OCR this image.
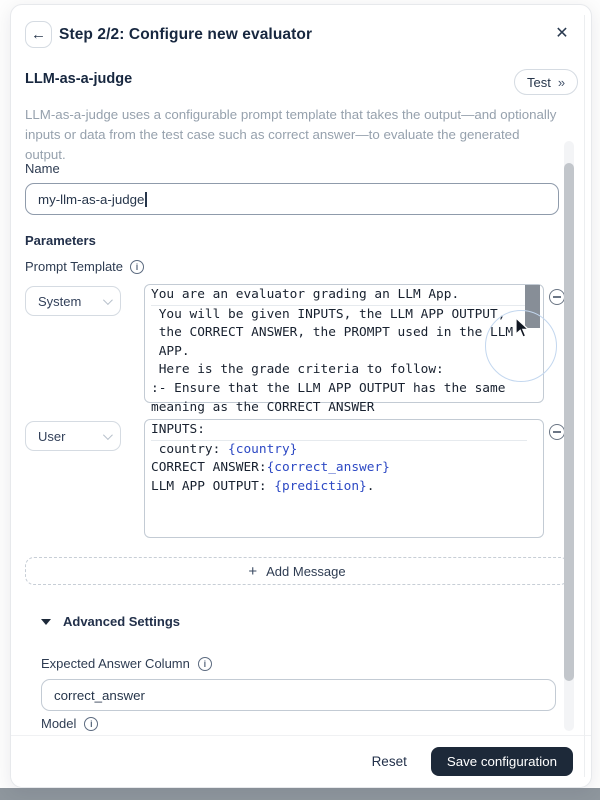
← Step 2/2: Configure new evaluator	✕
LLM-as-a-judge	Test »
LLM-as-a-judge uses a configurable prompt template that takes the output—and optionally inputs or data from the test case such as correct answer—to evaluate the generated output.
Name
my-llm-as-a-judge
Parameters
Prompt Template	i
System	You are an evaluator grading an LLM App.
You will be given INPUTS, the LLM APP OUTPUT,
the CORRECT ANSWER, the PROMPT used in the LLM
APP.
Here is the grade criteria to follow:
:- Ensure that the LLM APP OUTPUT has the same
meaning as the CORRECT ANSWER
User	INPUTS:
country: {country}
CORRECT ANSWER:{correct_answer}
LLM APP OUTPUT: {prediction}.
+ Add Message
Advanced Settings
Expected Answer Column	i
correct_answer
Model	i
Reset	Save configuration
